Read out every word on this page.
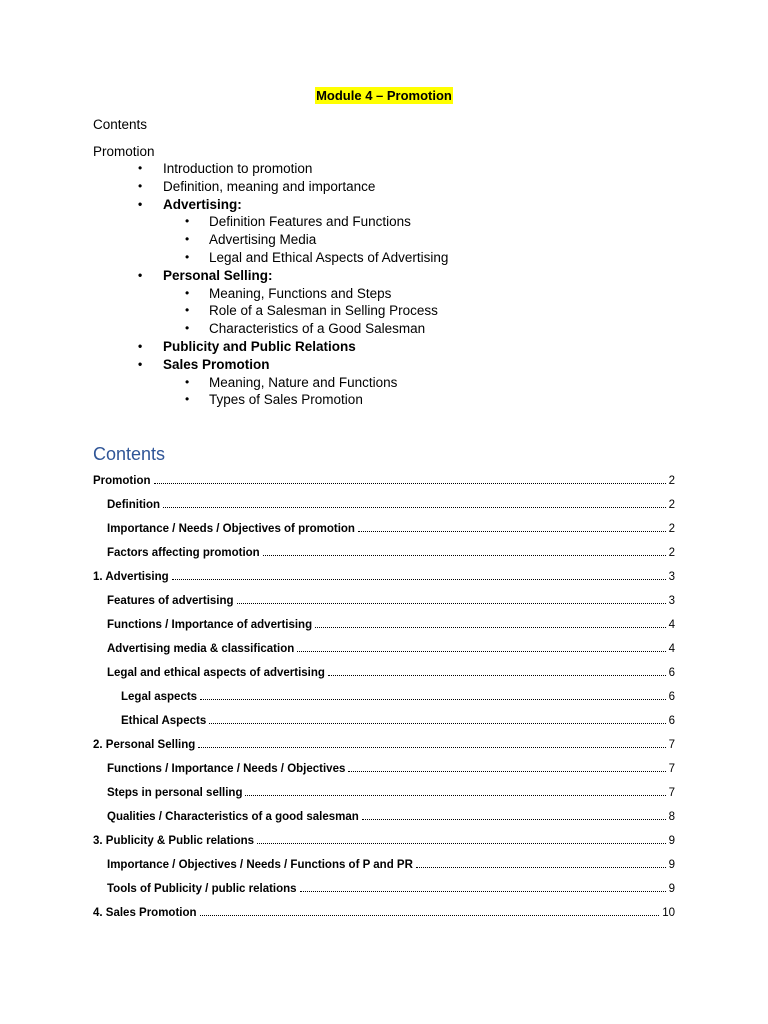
Module 4 – Promotion
Contents
Promotion
• Introduction to promotion
• Definition, meaning and importance
• Advertising:
• Definition Features and Functions
• Advertising Media
• Legal and Ethical Aspects of Advertising
• Personal Selling:
• Meaning, Functions and Steps
• Role of a Salesman in Selling Process
• Characteristics of a Good Salesman
• Publicity and Public Relations
• Sales Promotion
• Meaning, Nature and Functions
• Types of Sales Promotion
Contents
Promotion	2
Definition	2
Importance / Needs / Objectives of promotion	2
Factors affecting promotion	2
1. Advertising	3
Features of advertising	3
Functions / Importance of advertising	4
Advertising media & classification	4
Legal and ethical aspects of advertising	6
Legal aspects	6
Ethical Aspects	6
2. Personal Selling	7
Functions / Importance / Needs / Objectives	7
Steps in personal selling	7
Qualities / Characteristics of a good salesman	8
3. Publicity & Public relations	9
Importance / Objectives / Needs / Functions of P and PR	9
Tools of Publicity / public relations	9
4. Sales Promotion	10
